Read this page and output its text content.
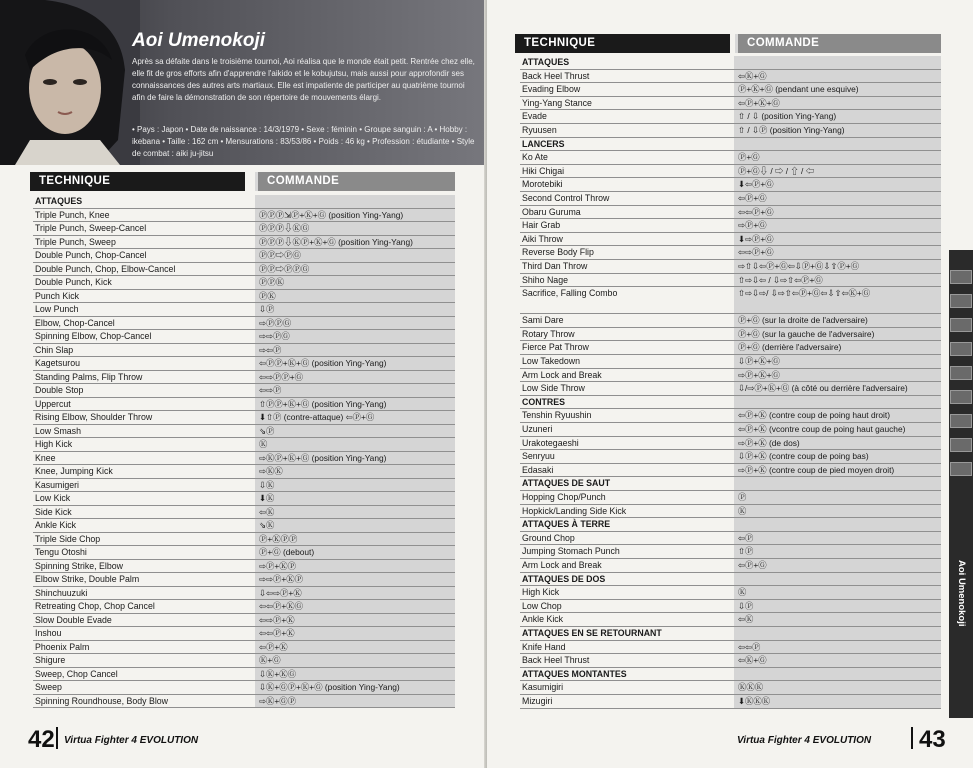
Aoi Umenokoji
Après sa défaite dans le troisième tournoi, Aoi réalisa que le monde était petit. Rentrée chez elle, elle fit de gros efforts afin d'apprendre l'aikido et le kobujutsu, mais aussi pour approfondir ses connaissances des autres arts martiaux. Elle est impatiente de participer au quatrième tournoi afin de faire la démonstration de son répertoire de mouvements élargi.
• Pays : Japon • Date de naissance : 14/3/1979 • Sexe : féminin • Groupe sanguin : A • Hobby : ikebana • Taille : 162 cm • Mensurations : 83/53/86 • Poids : 46 kg • Profession : étudiante • Style de combat : aiki ju-jitsu
TECHNIQUE	COMMANDE
ATTAQUES
Triple Punch, Knee	ⓅⓅⓅ⇲Ⓟ+Ⓚ+Ⓖ (position Ying-Yang)
Triple Punch, Sweep-Cancel	ⓅⓅⓅ⇩ⓀⒼ
Triple Punch, Sweep	ⓅⓅⓅ⇩ⓀⓅ+Ⓚ+Ⓖ (position Ying-Yang)
Double Punch, Chop-Cancel	ⓅⓅ⇨ⓅⒼ
Double Punch, Chop, Elbow-Cancel	ⓅⓅ⇨ⓅⓅⒼ
Double Punch, Kick	ⓅⓅⓀ
Punch Kick	ⓅⓀ
Low Punch	⇩Ⓟ
Elbow, Chop-Cancel	⇨ⓅⓅⒼ
Spinning Elbow, Chop-Cancel	⇨⇨ⓅⒼ
Chin Slap	⇨⇦Ⓟ
Kagetsurou	⇦ⓅⓅ+Ⓚ+Ⓖ (position Ying-Yang)
Standing Palms, Flip Throw	⇦⇨ⓅⓅ+Ⓖ
Double Stop	⇦⇨Ⓟ
Uppercut	⇧ⓅⓅ+Ⓚ+Ⓖ (position Ying-Yang)
Rising Elbow, Shoulder Throw	⬇⇧Ⓟ (contre-attaque) ⇦Ⓟ+Ⓖ
Low Smash	⇘Ⓟ
High Kick	Ⓚ
Knee	⇨ⓀⓅ+Ⓚ+Ⓖ (position Ying-Yang)
Knee, Jumping Kick	⇨ⓀⓀ
Kasumigeri	⇩Ⓚ
Low Kick	⬇Ⓚ
Side Kick	⇦Ⓚ
Ankle Kick	⇘Ⓚ
Triple Side Chop	Ⓟ+ⓀⓅⓅ
Tengu Otoshi	Ⓟ+Ⓖ (debout)
Spinning Strike, Elbow	⇨Ⓟ+ⓀⓅ
Elbow Strike, Double Palm	⇨⇨Ⓟ+ⓀⓅ
Shinchuuzuki	⇩⇦⇨Ⓟ+Ⓚ
Retreating Chop, Chop Cancel	⇦⇦Ⓟ+ⓀⒼ
Slow Double Evade	⇦⇨Ⓟ+Ⓚ
Inshou	⇦⇦Ⓟ+Ⓚ
Phoenix Palm	⇦Ⓟ+Ⓚ
Shigure	Ⓚ+Ⓖ
Sweep, Chop Cancel	⇩Ⓚ+ⓀⒼ
Sweep	⇩Ⓚ+ⒼⓅ+Ⓚ+Ⓖ (position Ying-Yang)
Spinning Roundhouse, Body Blow	⇨Ⓚ+ⒼⓅ
42 Virtua Fighter 4 EVOLUTION
TECHNIQUE	COMMANDE
ATTAQUES
Back Heel Thrust	⇦Ⓚ+Ⓖ
Evading Elbow	Ⓟ+Ⓚ+Ⓖ (pendant une esquive)
Ying-Yang Stance	⇦Ⓟ+Ⓚ+Ⓖ
Evade	⇧ / ⇩ (position Ying-Yang)
Ryuusen	⇧ / ⇩Ⓟ (position Ying-Yang)
LANCERS
Ko Ate	Ⓟ+Ⓖ
Hiki Chigai	Ⓟ+Ⓖ⇩ / ⇨ / ⇧ / ⇦
Morotebiki	⬇⇦Ⓟ+Ⓖ
Second Control Throw	⇦Ⓟ+Ⓖ
Obaru Guruma	⇦⇦Ⓟ+Ⓖ
Hair Grab	⇨Ⓟ+Ⓖ
Aiki Throw	⬇⇨Ⓟ+Ⓖ
Reverse Body Flip	⇦⇨Ⓟ+Ⓖ
Third Dan Throw	⇨⇧⇩⇦Ⓟ+Ⓖ⇦⇩Ⓟ+Ⓖ⇩⇧Ⓟ+Ⓖ
Shiho Nage	⇧⇨⇩⇦ / ⇩⇨⇧⇦Ⓟ+Ⓖ
Sacrifice, Falling Combo	⇧⇨⇩⇨/ ⇩⇨⇧⇦Ⓟ+Ⓖ⇦⇩⇧⇦Ⓚ+Ⓖ
Sami Dare	Ⓟ+Ⓖ (sur la droite de l'adversaire)
Rotary Throw	Ⓟ+Ⓖ (sur la gauche de l'adversaire)
Fierce Pat Throw	Ⓟ+Ⓖ (derrière l'adversaire)
Low Takedown	⇩Ⓟ+Ⓚ+Ⓖ
Arm Lock and Break	⇨Ⓟ+Ⓚ+Ⓖ
Low Side Throw	⇩/⇨Ⓟ+Ⓚ+Ⓖ (à côté ou derrière l'adversaire)
CONTRES
Tenshin Ryuushin	⇦Ⓟ+Ⓚ (contre coup de poing haut droit)
Uzuneri	⇦Ⓟ+Ⓚ (vcontre coup de poing haut gauche)
Urakotegaeshi	⇨Ⓟ+Ⓚ (de dos)
Senryuu	⇩Ⓟ+Ⓚ (contre coup de poing bas)
Edasaki	⇨Ⓟ+Ⓚ (contre coup de pied moyen droit)
ATTAQUES DE SAUT
Hopping Chop/Punch	Ⓟ
Hopkick/Landing Side Kick	Ⓚ
ATTAQUES À TERRE
Ground Chop	⇦Ⓟ
Jumping Stomach Punch	⇧Ⓟ
Arm Lock and Break	⇦Ⓟ+Ⓖ
ATTAQUES DE DOS
High Kick	Ⓚ
Low Chop	⇩Ⓟ
Ankle Kick	⇦Ⓚ
ATTAQUES EN SE RETOURNANT
Knife Hand	⇦⇦Ⓟ
Back Heel Thrust	⇦Ⓚ+Ⓖ
ATTAQUES MONTANTES
Kasumigiri	ⓀⓀⓀ
Mizugiri	⬇ⓀⓀⓀ
Virtua Fighter 4 EVOLUTION 43
Aoi Umenokoji
